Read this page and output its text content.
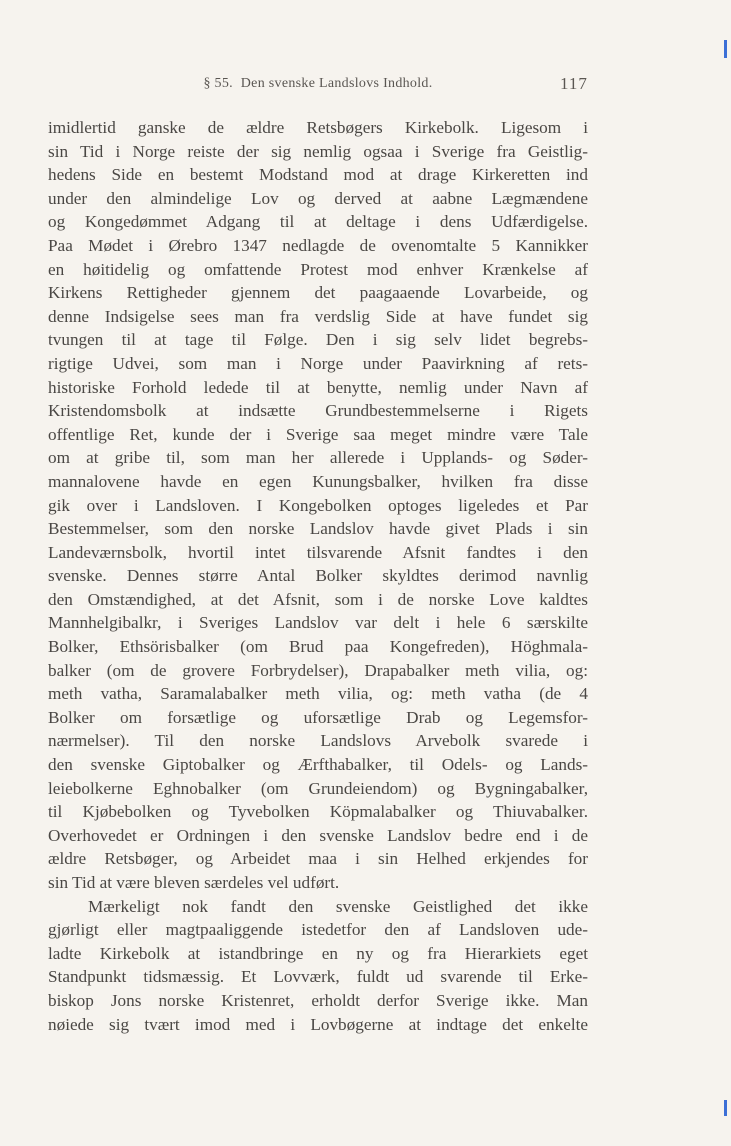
§ 55. Den svenske Landslovs Indhold.	117
imidlertid ganske de ældre Retsbøgers Kirkebolk. Ligesom i
sin Tid i Norge reiste der sig nemlig ogsaa i Sverige fra Geistlig-
hedens Side en bestemt Modstand mod at drage Kirkeretten ind
under den almindelige Lov og derved at aabne Lægmændene
og Kongedømmet Adgang til at deltage i dens Udfærdigelse.
Paa Mødet i Ørebro 1347 nedlagde de ovenomtalte 5 Kannikker
en høitidelig og omfattende Protest mod enhver Krænkelse af
Kirkens Rettigheder gjennem det paagaaende Lovarbeide, og
denne Indsigelse sees man fra verdslig Side at have fundet sig
tvungen til at tage til Følge. Den i sig selv lidet begrebs-
rigtige Udvei, som man i Norge under Paavirkning af rets-
historiske Forhold ledede til at benytte, nemlig under Navn af
Kristendomsbolk at indsætte Grundbestemmelserne i Rigets
offentlige Ret, kunde der i Sverige saa meget mindre være Tale
om at gribe til, som man her allerede i Upplands- og Søder-
mannalovene havde en egen Kunungsbalker, hvilken fra disse
gik over i Landsloven. I Kongebolken optoges ligeledes et Par
Bestemmelser, som den norske Landslov havde givet Plads i sin
Landeværnsbolk, hvortil intet tilsvarende Afsnit fandtes i den
svenske. Dennes større Antal Bolker skyldtes derimod navnlig
den Omstændighed, at det Afsnit, som i de norske Love kaldtes
Mannhelgibalkr, i Sveriges Landslov var delt i hele 6 særskilte
Bolker, Ethsörisbalker (om Brud paa Kongefreden), Höghmala-
balker (om de grovere Forbrydelser), Drapabalker meth vilia, og:
meth vatha, Saramalabalker meth vilia, og: meth vatha (de 4
Bolker om forsætlige og uforsætlige Drab og Legemsfor-
nærmelser). Til den norske Landslovs Arvebolk svarede i
den svenske Giptobalker og Ærfthabalker, til Odels- og Lands-
leiebolkerne Eghnobalker (om Grundeiendom) og Bygningabalker,
til Kjøbebolken og Tyvebolken Köpmalabalker og Thiuvabalker.
Overhovedet er Ordningen i den svenske Landslov bedre end i de
ældre Retsbøger, og Arbeidet maa i sin Helhed erkjendes for
sin Tid at være bleven særdeles vel udført.
Mærkeligt nok fandt den svenske Geistlighed det ikke
gjørligt eller magtpaaliggende istedetfor den af Landsloven ude-
ladte Kirkebolk at istandbringe en ny og fra Hierarkiets eget
Standpunkt tidsmæssig. Et Lovværk, fuldt ud svarende til Erke-
biskop Jons norske Kristenret, erholdt derfor Sverige ikke. Man
nøiede sig tvært imod med i Lovbøgerne at indtage det enkelte
